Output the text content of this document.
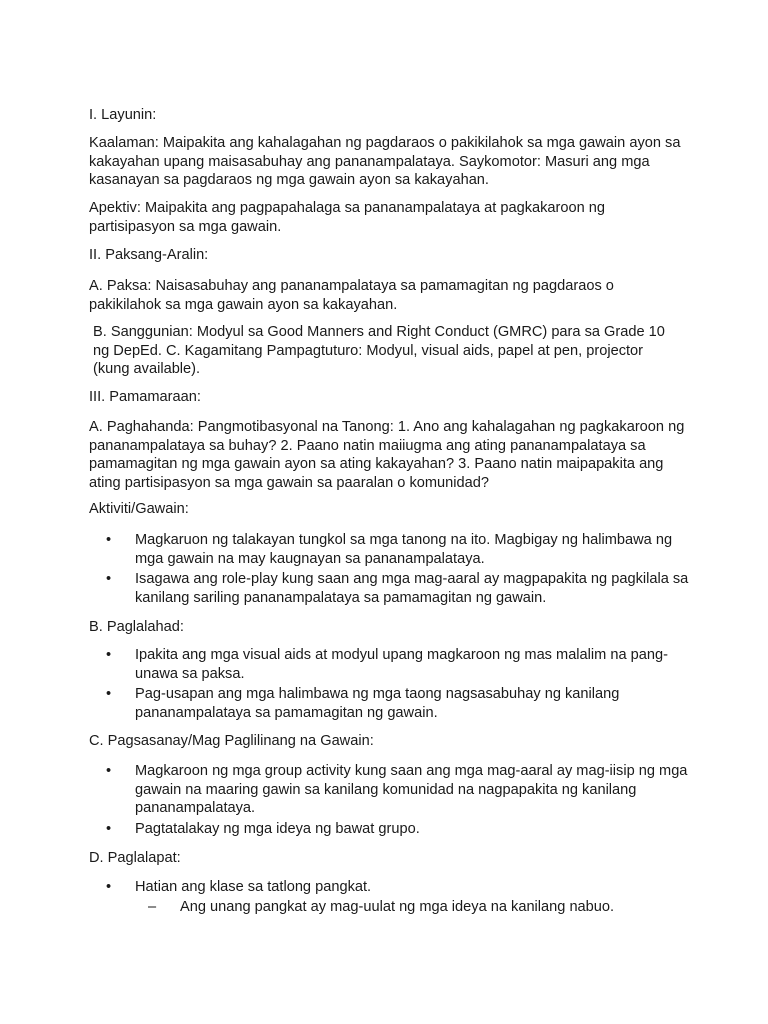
I. Layunin:

Kaalaman: Maipakita ang kahalagahan ng pagdaraos o pakikilahok sa mga gawain ayon sa kakayahan upang maisasabuhay ang pananampalataya. Saykomotor: Masuri ang mga kasanayan sa pagdaraos ng mga gawain ayon sa kakayahan.

Apektiv: Maipakita ang pagpapahalaga sa pananampalataya at pagkakaroon ng partisipasyon sa mga gawain.

II. Paksang-Aralin:

A. Paksa: Naisasabuhay ang pananampalataya sa pamamagitan ng pagdaraos o pakikilahok sa mga gawain ayon sa kakayahan.

B. Sanggunian: Modyul sa Good Manners and Right Conduct (GMRC) para sa Grade 10 ng DepEd. C. Kagamitang Pampagtuturo: Modyul, visual aids, papel at pen, projector (kung available).

III. Pamamaraan:

A. Paghahanda: Pangmotibasyonal na Tanong: 1. Ano ang kahalagahan ng pagkakaroon ng pananampalataya sa buhay? 2. Paano natin maiiugma ang ating pananampalataya sa pamamagitan ng mga gawain ayon sa ating kakayahan? 3. Paano natin maipapakita ang ating partisipasyon sa mga gawain sa paaralan o komunidad?

Aktiviti/Gawain:

• Magkaruon ng talakayan tungkol sa mga tanong na ito. Magbigay ng halimbawa ng mga gawain na may kaugnayan sa pananampalataya.
• Isagawa ang role-play kung saan ang mga mag-aaral ay magpapakita ng pagkilala sa kanilang sariling pananampalataya sa pamamagitan ng gawain.

B. Paglalahad:

• Ipakita ang mga visual aids at modyul upang magkaroon ng mas malalim na pang-unawa sa paksa.
• Pag-usapan ang mga halimbawa ng mga taong nagsasabuhay ng kanilang pananampalataya sa pamamagitan ng gawain.

C. Pagsasanay/Mag Paglilinang na Gawain:

• Magkaroon ng mga group activity kung saan ang mga mag-aaral ay mag-iisip ng mga gawain na maaring gawin sa kanilang komunidad na nagpapakita ng kanilang pananampalataya.
• Pagtatalakay ng mga ideya ng bawat grupo.

D. Paglalapat:

• Hatian ang klase sa tatlong pangkat.
– Ang unang pangkat ay mag-uulat ng mga ideya na kanilang nabuo.
